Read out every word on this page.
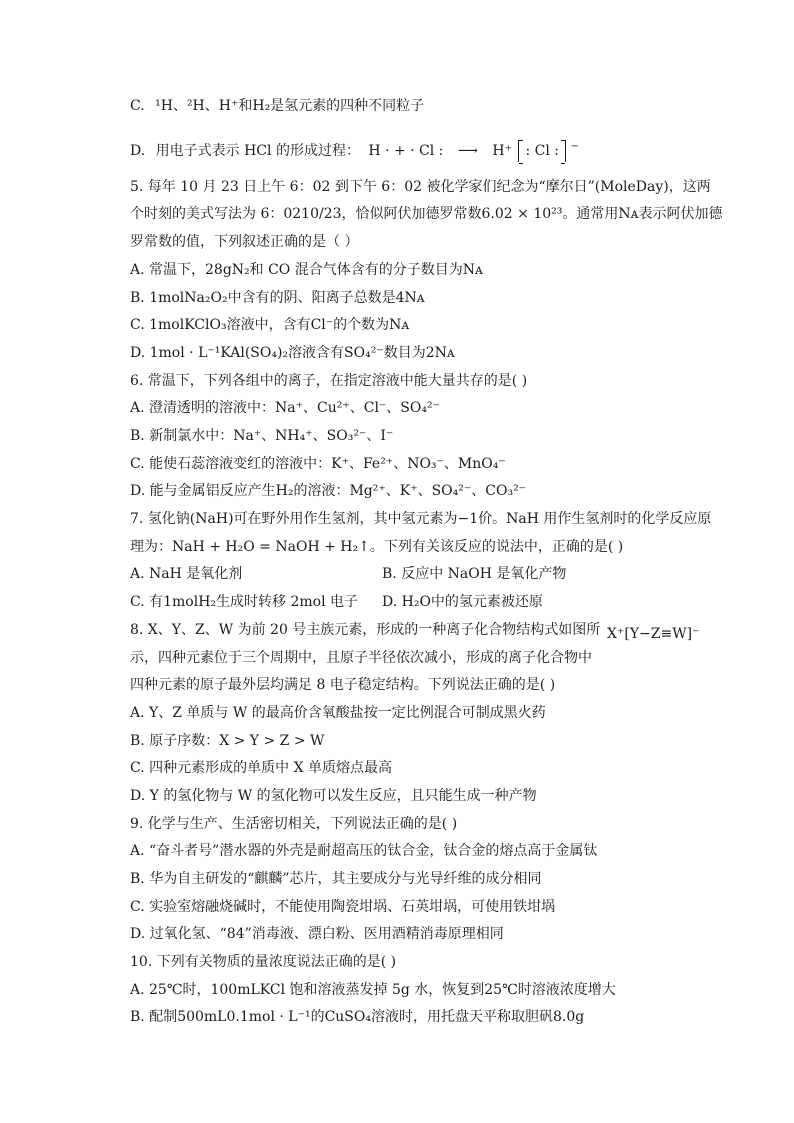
C. ¹H、²H、H⁺和H₂是氢元素的四种不同粒子
D. 用电子式表示 HCl 的形成过程： H · + · Cl : ⟶ H⁺ : Cl : −
5. 每年 10 月 23 日上午 6：02 到下午 6：02 被化学家们纪念为“摩尔日”(MoleDay)，这两
个时刻的美式写法为 6：0210/23，恰似阿伏加德罗常数6.02 × 10²³。通常用Nᴀ表示阿伏加德
罗常数的值，下列叙述正确的是（ ）
A. 常温下，28gN₂和 CO 混合气体含有的分子数目为Nᴀ
B. 1molNa₂O₂中含有的阴、阳离子总数是4Nᴀ
C. 1molKClO₃溶液中，含有Cl⁻的个数为Nᴀ
D. 1mol · L⁻¹KAl(SO₄)₂溶液含有SO₄²⁻数目为2Nᴀ
6. 常温下，下列各组中的离子，在指定溶液中能大量共存的是( )
A. 澄清透明的溶液中：Na⁺、Cu²⁺、Cl⁻、SO₄²⁻
B. 新制氯水中：Na⁺、NH₄⁺、SO₃²⁻、I⁻
C. 能使石蕊溶液变红的溶液中：K⁺、Fe²⁺、NO₃⁻、MnO₄⁻
D. 能与金属铝反应产生H₂的溶液：Mg²⁺、K⁺、SO₄²⁻、CO₃²⁻
7. 氢化钠(NaH)可在野外用作生氢剂，其中氢元素为−1价。NaH 用作生氢剂时的化学反应原
理为：NaH + H₂O = NaOH + H₂↑。下列有关该反应的说法中，正确的是( )
A. NaH 是氧化剂	B. 反应中 NaOH 是氧化产物
C. 有1molH₂生成时转移 2mol 电子 D. H₂O中的氢元素被还原
8. X、Y、Z、W 为前 20 号主族元素，形成的一种离子化合物结构式如图所 X⁺[Y−Z≡W]⁻
示，四种元素位于三个周期中，且原子半径依次减小，形成的离子化合物中
四种元素的原子最外层均满足 8 电子稳定结构。下列说法正确的是( )
A. Y、Z 单质与 W 的最高价含氧酸盐按一定比例混合可制成黑火药
B. 原子序数：X > Y > Z > W
C. 四种元素形成的单质中 X 单质熔点最高
D. Y 的氢化物与 W 的氢化物可以发生反应，且只能生成一种产物
9. 化学与生产、生活密切相关，下列说法正确的是( )
A. “奋斗者号”潜水器的外壳是耐超高压的钛合金，钛合金的熔点高于金属钛
B. 华为自主研发的“麒麟”芯片，其主要成分与光导纤维的成分相同
C. 实验室熔融烧碱时，不能使用陶瓷坩埚、石英坩埚，可使用铁坩埚
D. 过氧化氢、“84”消毒液、漂白粉、医用酒精消毒原理相同
10. 下列有关物质的量浓度说法正确的是( )
A. 25℃时，100mLKCl 饱和溶液蒸发掉 5g 水，恢复到25℃时溶液浓度增大
B. 配制500mL0.1mol · L⁻¹的CuSO₄溶液时，用托盘天平称取胆矾8.0g
